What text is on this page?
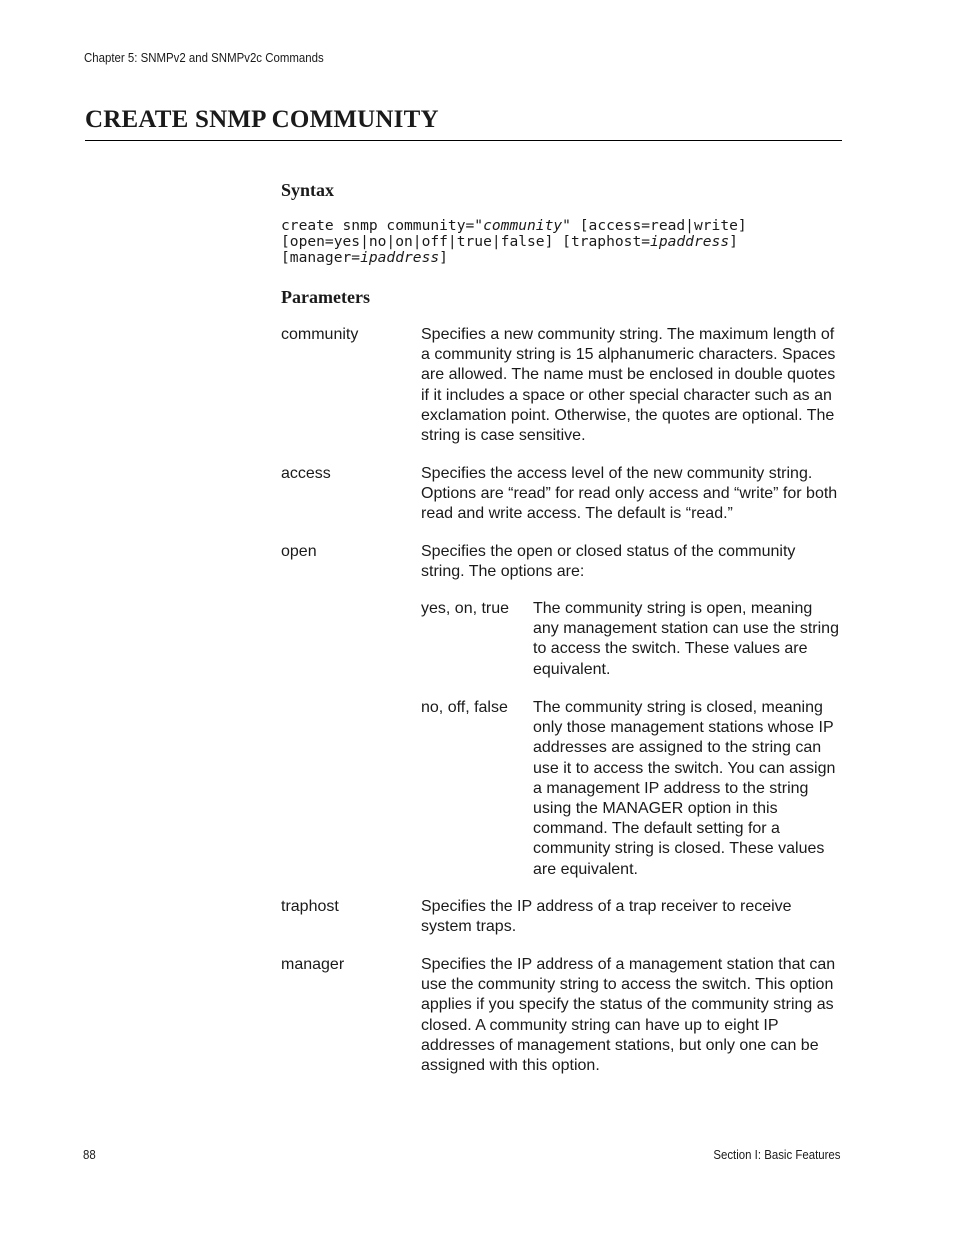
Chapter 5: SNMPv2 and SNMPv2c Commands
CREATE SNMP COMMUNITY
Syntax
create snmp community="community" [access=read|write]
[open=yes|no|on|off|true|false] [traphost=ipaddress]
[manager=ipaddress]
Parameters
community	Specifies a new community string. The maximum length of a community string is 15 alphanumeric characters. Spaces are allowed. The name must be enclosed in double quotes if it includes a space or other special character such as an exclamation point. Otherwise, the quotes are optional. The string is case sensitive.
access	Specifies the access level of the new community string. Options are “read” for read only access and “write” for both read and write access. The default is “read.”
open	Specifies the open or closed status of the community string. The options are:
yes, on, true The community string is open, meaning any management station can use the string to access the switch. These values are equivalent.
no, off, false The community string is closed, meaning only those management stations whose IP addresses are assigned to the string can use it to access the switch. You can assign a management IP address to the string using the MANAGER option in this command. The default setting for a community string is closed. These values are equivalent.
traphost	Specifies the IP address of a trap receiver to receive system traps.
manager	Specifies the IP address of a management station that can use the community string to access the switch. This option applies if you specify the status of the community string as closed. A community string can have up to eight IP addresses of management stations, but only one can be assigned with this option.
88	Section I: Basic Features
